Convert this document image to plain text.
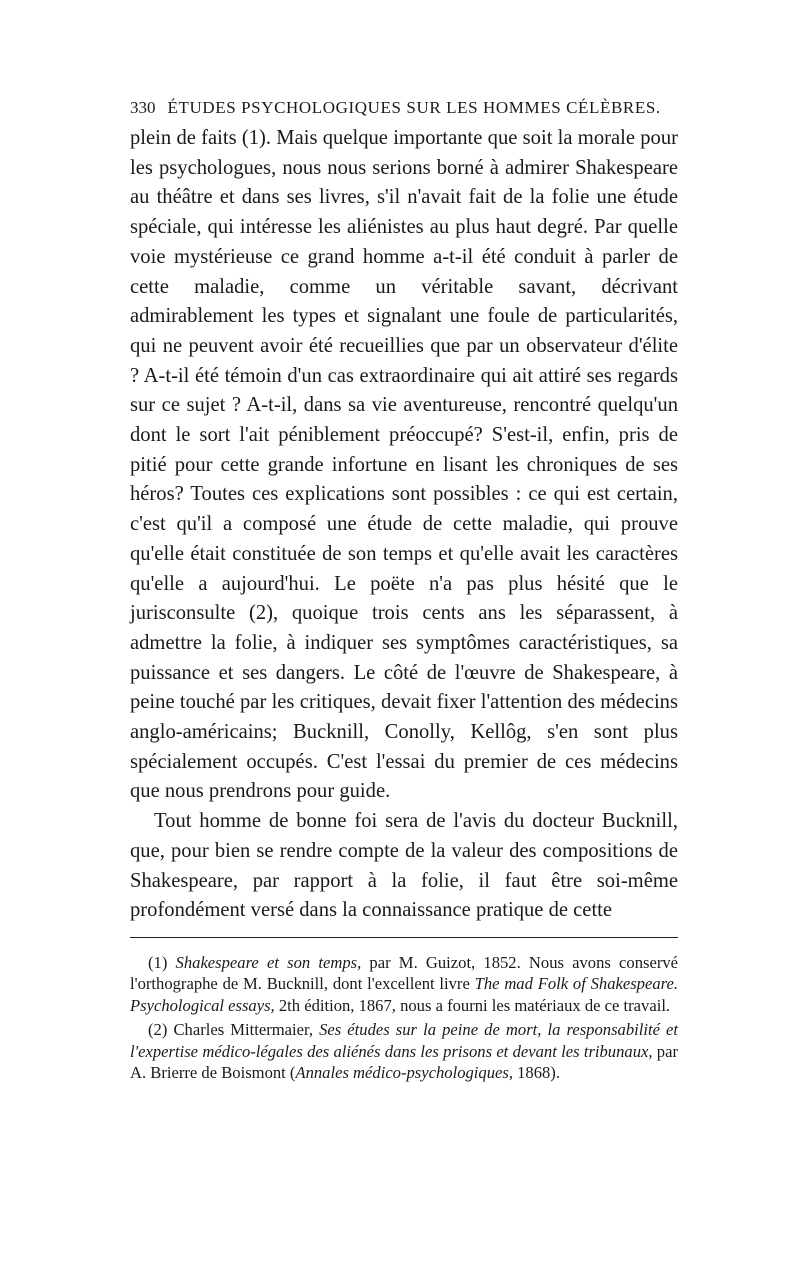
330 ÉTUDES PSYCHOLOGIQUES SUR LES HOMMES CÉLÈBRES.

plein de faits (1). Mais quelque importante que soit la morale pour les psychologues, nous nous serions borné à admirer Shakespeare au théâtre et dans ses livres, s'il n'avait fait de la folie une étude spéciale, qui intéresse les aliénistes au plus haut degré. Par quelle voie mystérieuse ce grand homme a-t-il été conduit à parler de cette maladie, comme un véritable savant, décrivant admirablement les types et signalant une foule de particularités, qui ne peuvent avoir été recueillies que par un observateur d'élite ? A-t-il été témoin d'un cas extraordinaire qui ait attiré ses regards sur ce sujet ? A-t-il, dans sa vie aventureuse, rencontré quelqu'un dont le sort l'ait péniblement préoccupé? S'est-il, enfin, pris de pitié pour cette grande infortune en lisant les chroniques de ses héros? Toutes ces explications sont possibles : ce qui est certain, c'est qu'il a composé une étude de cette maladie, qui prouve qu'elle était constituée de son temps et qu'elle avait les caractères qu'elle a aujourd'hui. Le poëte n'a pas plus hésité que le jurisconsulte (2), quoique trois cents ans les séparassent, à admettre la folie, à indiquer ses symptômes caractéristiques, sa puissance et ses dangers. Le côté de l'œuvre de Shakespeare, à peine touché par les critiques, devait fixer l'attention des médecins anglo-américains; Bucknill, Conolly, Kellôg, s'en sont plus spécialement occupés. C'est l'essai du premier de ces médecins que nous prendrons pour guide.

Tout homme de bonne foi sera de l'avis du docteur Bucknill, que, pour bien se rendre compte de la valeur des compositions de Shakespeare, par rapport à la folie, il faut être soi-même profondément versé dans la connaissance pratique de cette

(1) Shakespeare et son temps, par M. Guizot, 1852. Nous avons conservé l'orthographe de M. Bucknill, dont l'excellent livre The mad Folk of Shakespeare. Psychological essays, 2th édition, 1867, nous a fourni les matériaux de ce travail.

(2) Charles Mittermaier, Ses études sur la peine de mort, la responsabilité et l'expertise médico-légales des aliénés dans les prisons et devant les tribunaux, par A. Brierre de Boismont (Annales médico-psychologiques, 1868).
